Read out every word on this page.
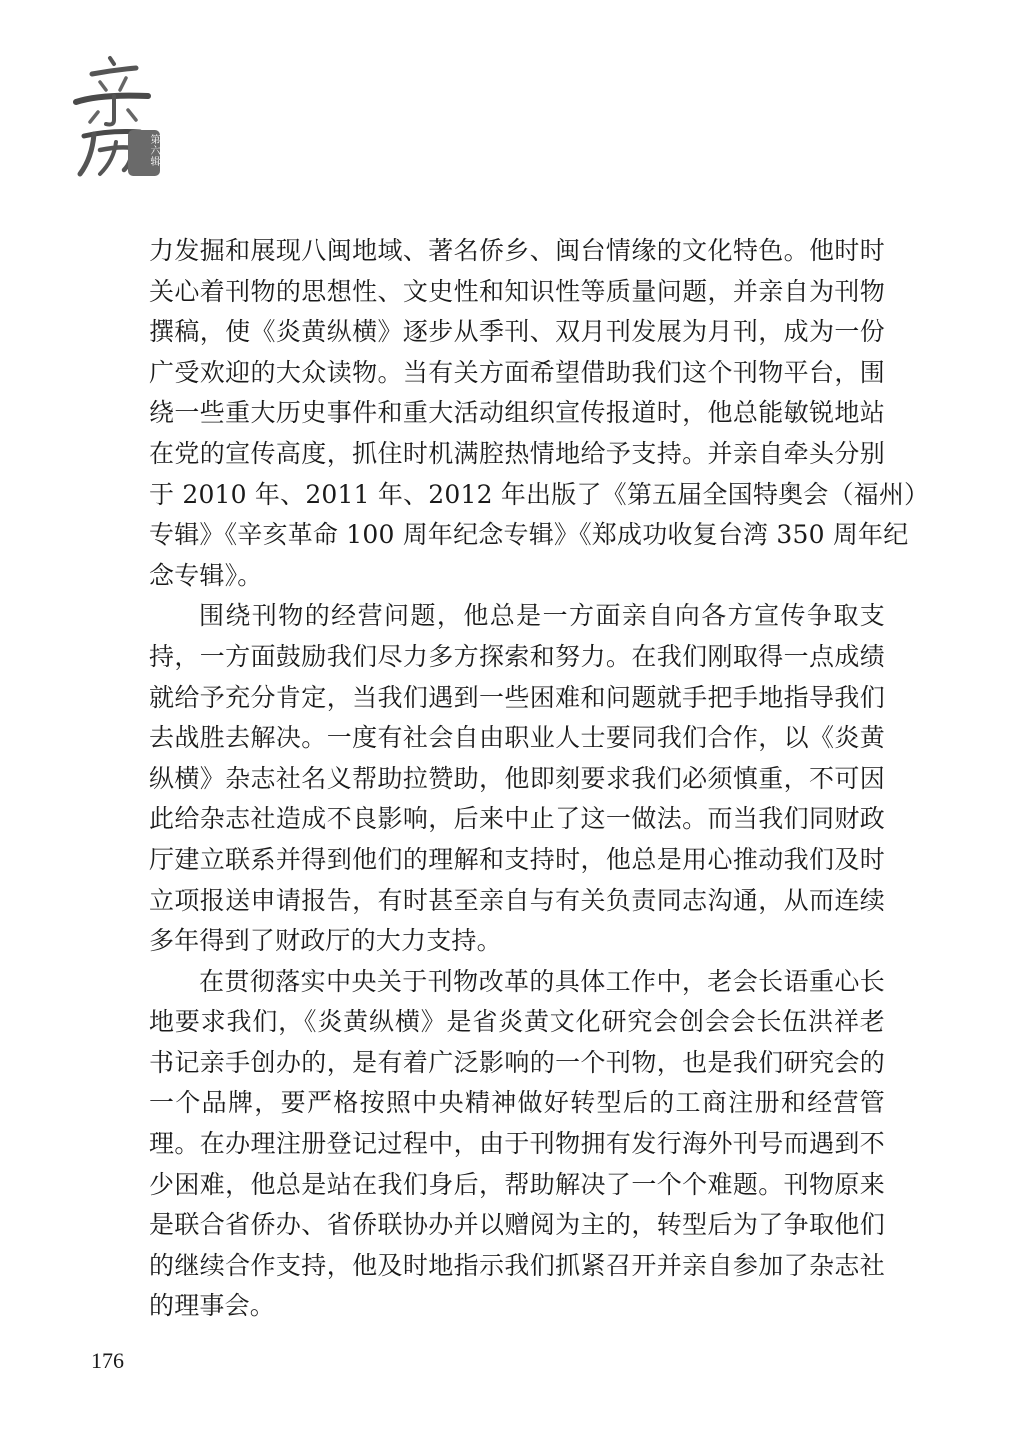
第六辑
力发掘和展现八闽地域、著名侨乡、闽台情缘的文化特色。他时时
关心着刊物的思想性、文史性和知识性等质量问题，并亲自为刊物
撰稿，使《炎黄纵横》逐步从季刊、双月刊发展为月刊，成为一份
广受欢迎的大众读物。当有关方面希望借助我们这个刊物平台，围
绕一些重大历史事件和重大活动组织宣传报道时，他总能敏锐地站
在党的宣传高度，抓住时机满腔热情地给予支持。并亲自牵头分别
于 2010 年、2011 年、2012 年出版了《第五届全国特奥会（福州）
专辑》《辛亥革命 100 周年纪念专辑》《郑成功收复台湾 350 周年纪
念专辑》。
围绕刊物的经营问题，他总是一方面亲自向各方宣传争取支
持，一方面鼓励我们尽力多方探索和努力。在我们刚取得一点成绩
就给予充分肯定，当我们遇到一些困难和问题就手把手地指导我们
去战胜去解决。一度有社会自由职业人士要同我们合作，以《炎黄
纵横》杂志社名义帮助拉赞助，他即刻要求我们必须慎重，不可因
此给杂志社造成不良影响，后来中止了这一做法。而当我们同财政
厅建立联系并得到他们的理解和支持时，他总是用心推动我们及时
立项报送申请报告，有时甚至亲自与有关负责同志沟通，从而连续
多年得到了财政厅的大力支持。
在贯彻落实中央关于刊物改革的具体工作中，老会长语重心长
地要求我们，《炎黄纵横》是省炎黄文化研究会创会会长伍洪祥老
书记亲手创办的，是有着广泛影响的一个刊物，也是我们研究会的
一个品牌，要严格按照中央精神做好转型后的工商注册和经营管
理。在办理注册登记过程中，由于刊物拥有发行海外刊号而遇到不
少困难，他总是站在我们身后，帮助解决了一个个难题。刊物原来
是联合省侨办、省侨联协办并以赠阅为主的，转型后为了争取他们
的继续合作支持，他及时地指示我们抓紧召开并亲自参加了杂志社
的理事会。
176
